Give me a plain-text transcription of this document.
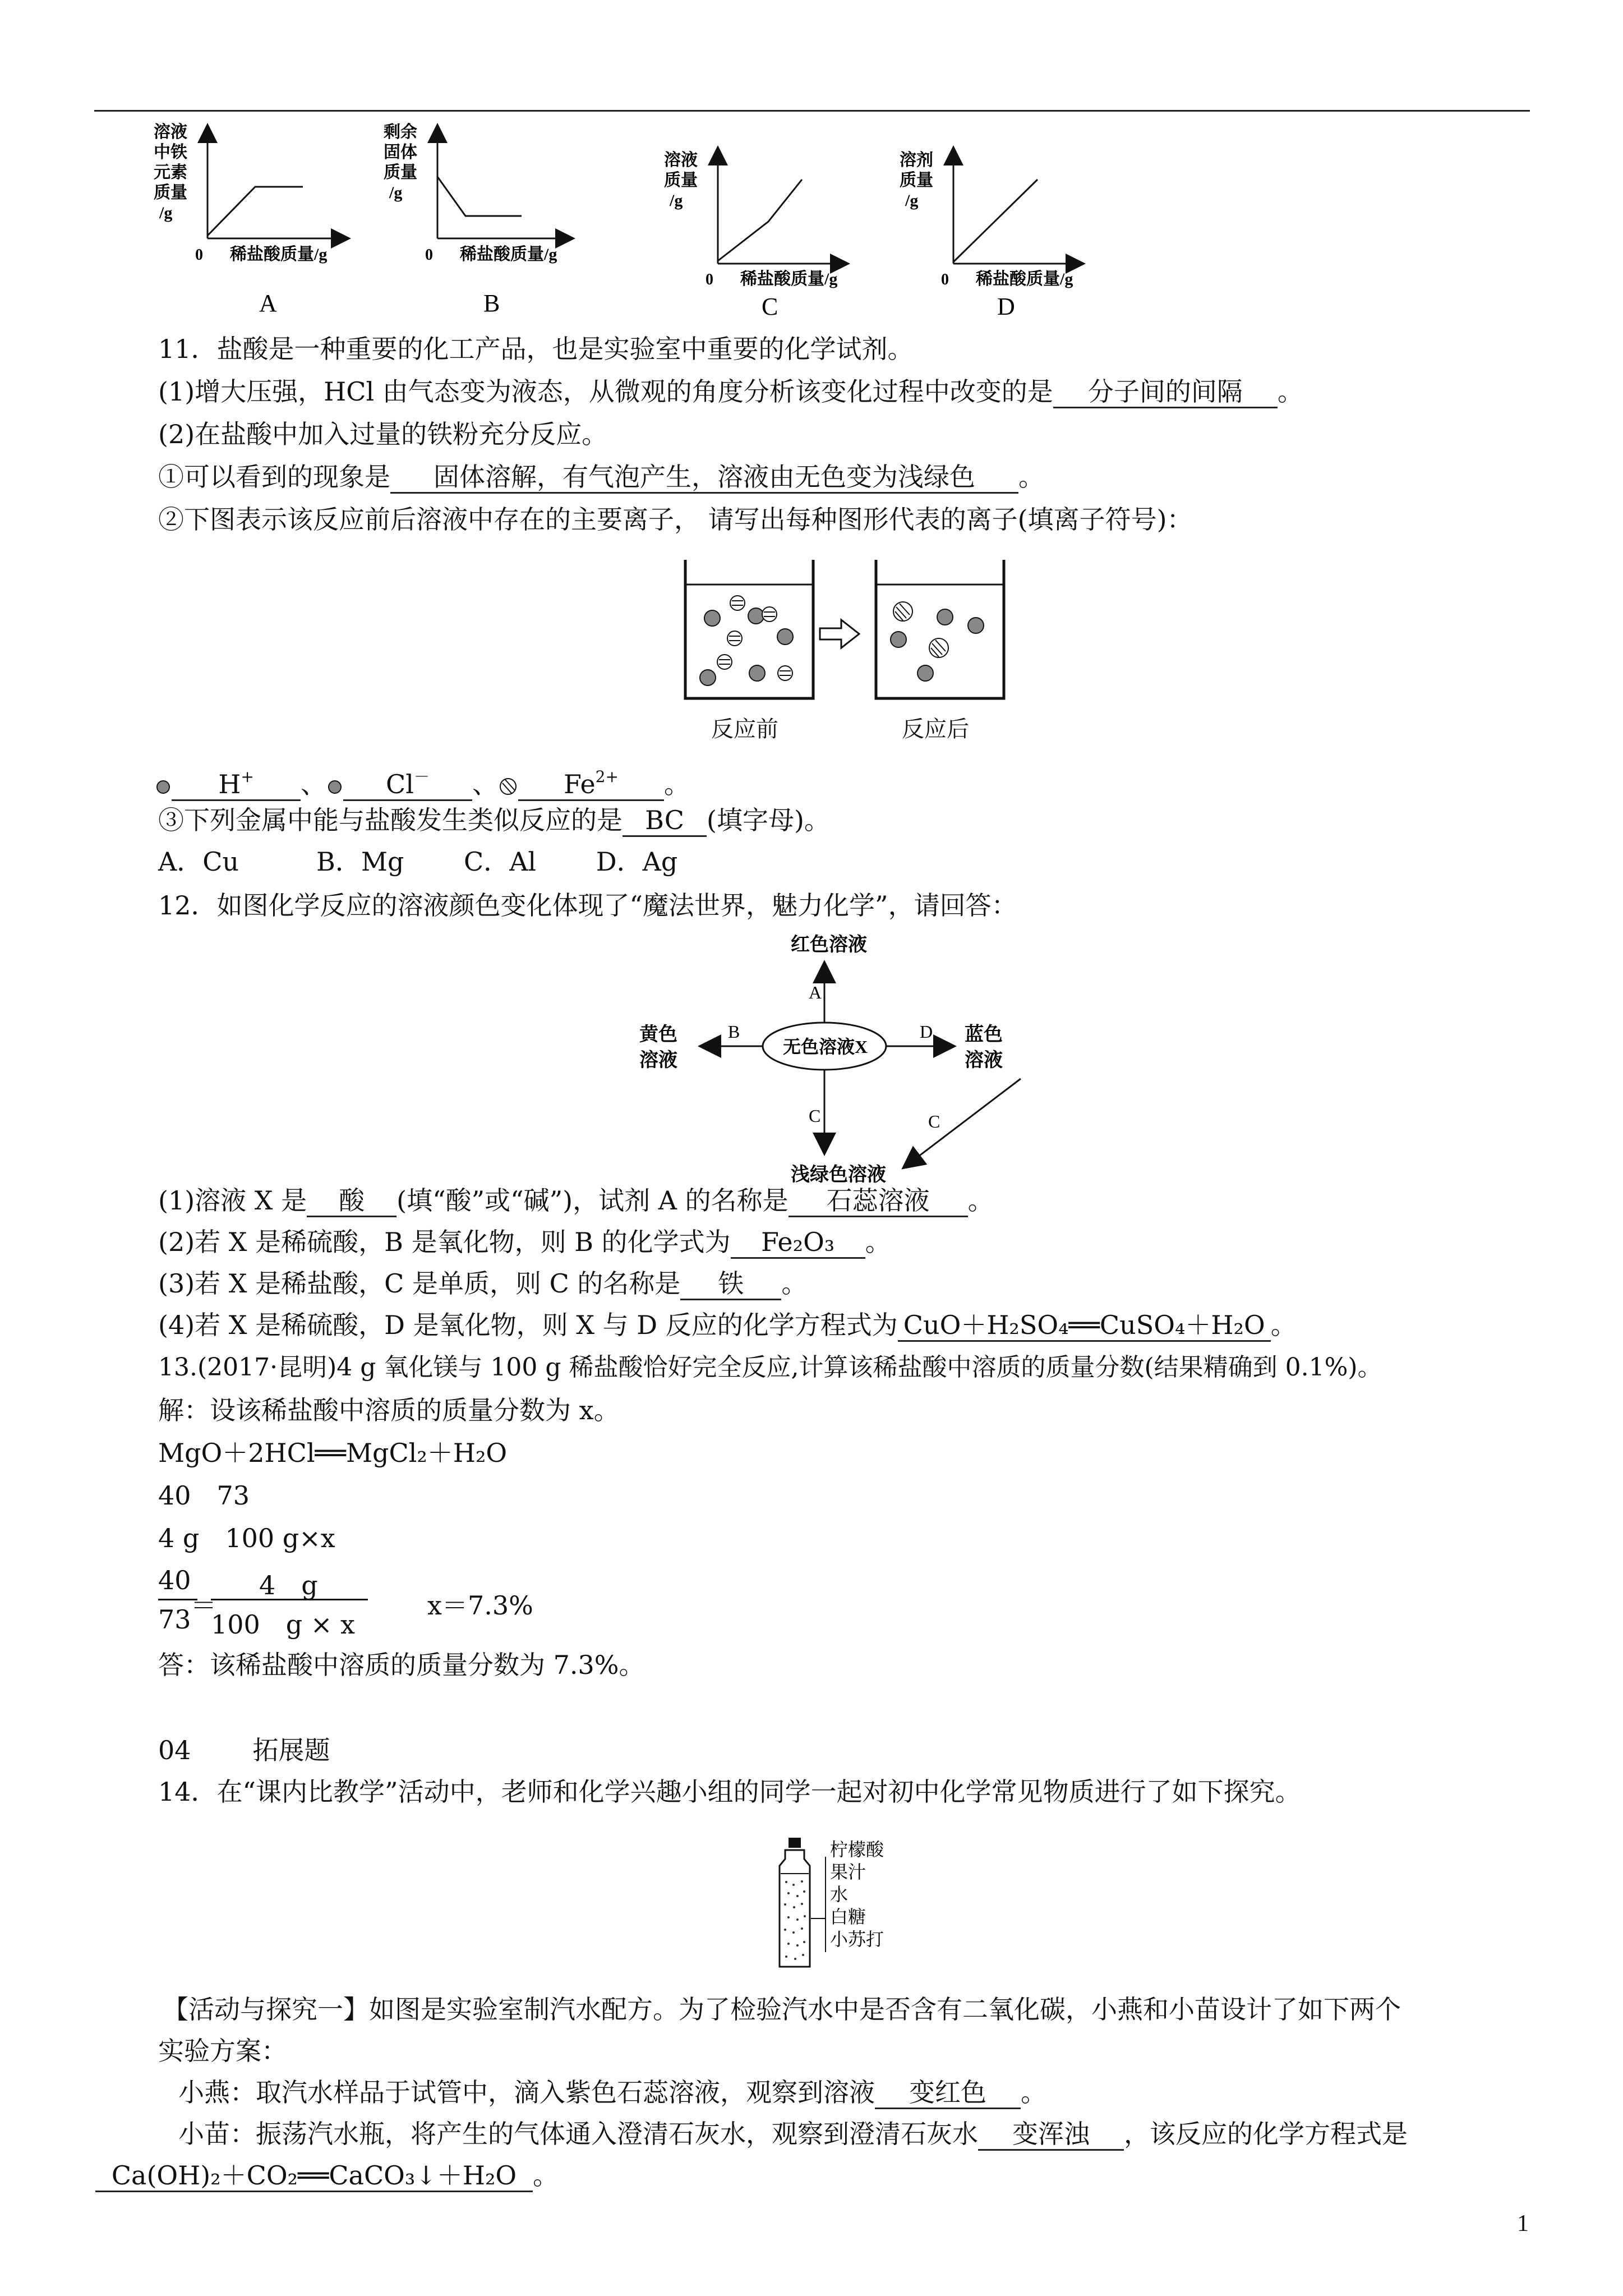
溶液
中铁
元素
质量
/g
0 稀盐酸质量/g
A
剩余
固体
质量
/g
0 稀盐酸质量/g
B
溶液
质量
/g
0 稀盐酸质量/g
C
溶剂
质量
/g
0 稀盐酸质量/g
D
11．盐酸是一种重要的化工产品，也是实验室中重要的化学试剂。
(1)增大压强，HCl 由气态变为液态，从微观的角度分析该变化过程中改变的是 分子间的间隔 。
(2)在盐酸中加入过量的铁粉充分反应。
①可以看到的现象是 固体溶解，有气泡产生，溶液由无色变为浅绿色 。
②下图表示该反应前后溶液中存在的主要离子， 请写出每种图形代表的离子(填离子符号)：
反应前	反应后
H+ 、 Cl－ 、	$Fe^{2+}$ 。
③下列金属中能与盐酸发生类似反应的是 BC (填字母)。
A．Cu　　　B．Mg　　 C．Al　　 D．Ag
12．如图化学反应的溶液颜色变化体现了“魔法世界，魅力化学”，请回答：
红色溶液
无色溶液X
A
B
黄色
溶液
D 蓝色
溶液
C	C
浅绿色溶液
(1)溶液 X 是 酸 (填“酸”或“碱”)，试剂 A 的名称是 石蕊溶液 。
(2)若 X 是稀硫酸，B 是氧化物，则 B 的化学式为 Fe₂O₃ 。
(3)若 X 是稀盐酸，C 是单质，则 C 的名称是 铁 。
(4)若 X 是稀硫酸，D 是氧化物，则 X 与 D 反应的化学方程式为 CuO＋H₂SO₄══CuSO₄＋H₂O 。
13.(2017·昆明)4 g 氧化镁与 100 g 稀盐酸恰好完全反应,计算该稀盐酸中溶质的质量分数(结果精确到 0.1%)。
解：设该稀盐酸中溶质的质量分数为 x。
MgO＋2HCl══MgCl₂＋H₂O
40　73
4 g　100 g×x
40
73 ＝
4　g
100　g × x
x＝7.3%
答：该稀盐酸中溶质的质量分数为 7.3%。
04 拓展题
14．在“课内比教学”活动中，老师和化学兴趣小组的同学一起对初中化学常见物质进行了如下探究。
柠檬酸
果汁
水
白糖
小苏打
【活动与探究一】如图是实验室制汽水配方。为了检验汽水中是否含有二氧化碳，小燕和小苗设计了如下两个
实验方案：
小燕：取汽水样品于试管中，滴入紫色石蕊溶液，观察到溶液 变红色 。
小苗：振荡汽水瓶，将产生的气体通入澄清石灰水，观察到澄清石灰水 变浑浊 ，该反应的化学方程式是
Ca(OH)₂＋CO₂══CaCO₃↓＋H₂O 。
1
